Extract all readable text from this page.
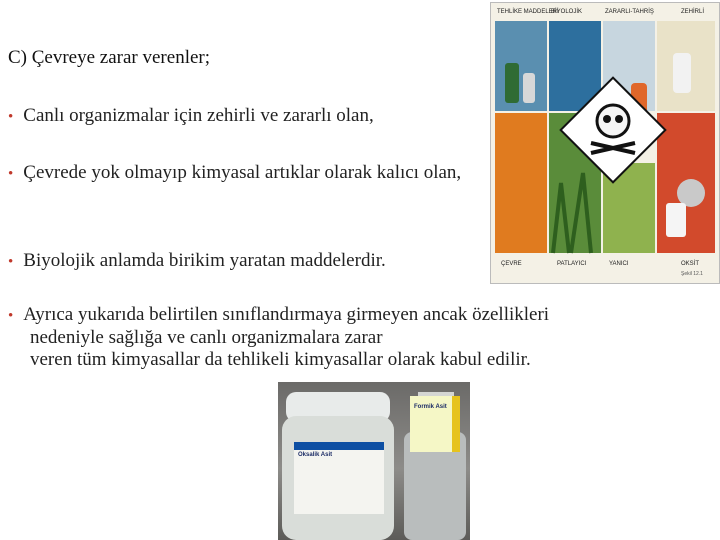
C) Çevreye zarar verenler;
• Canlı organizmalar için zehirli ve zararlı olan,
• Çevrede yok olmayıp kimyasal artıklar olarak kalıcı olan,
• Biyolojik anlamda birikim yaratan maddelerdir.
• Ayrıca yukarıda belirtilen sınıflandırmaya girmeyen ancak özellikleri
nedeniyle sağlığa ve canlı organizmalara zarar
veren tüm kimyasallar da tehlikeli kimyasallar olarak kabul edilir.
TEHLİKE MADDELERİ
BİYOLOJİK	ZARARLI-TAHRİŞ	ZEHİRLİ
ÇEVRE	PATLAYICI	YANICI	OKSİT
Şekil 12.1
Oksalik Asit
Formik Asit
